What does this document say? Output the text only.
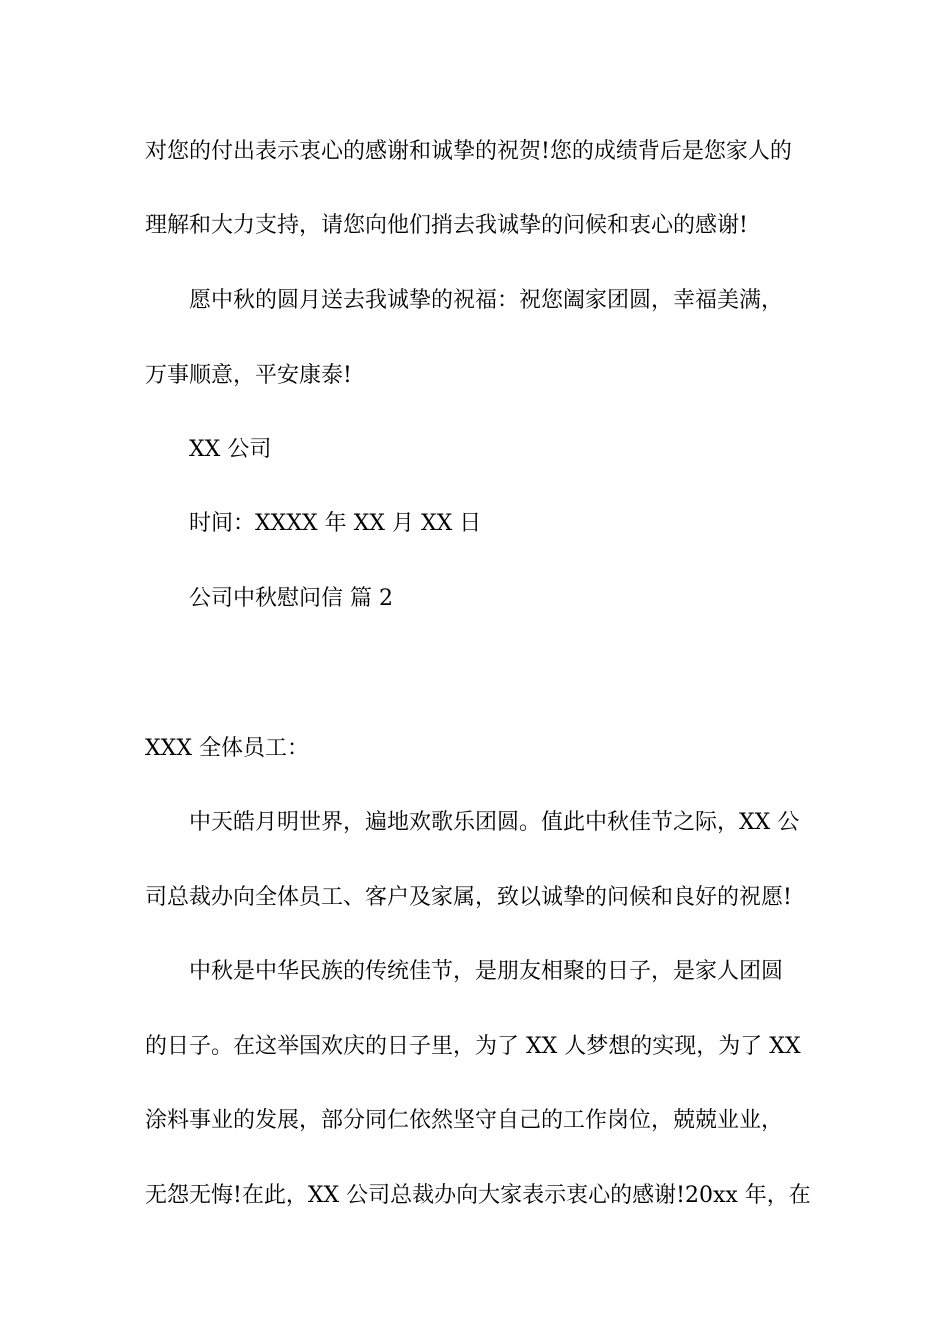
对您的付出表示衷心的感谢和诚挚的祝贺!您的成绩背后是您家人的
理解和大力支持，请您向他们捎去我诚挚的问候和衷心的感谢!
愿中秋的圆月送去我诚挚的祝福：祝您阖家团圆，幸福美满，
万事顺意，平安康泰!
XX 公司
时间：XXXX 年 XX 月 XX 日
公司中秋慰问信 篇 2
XXX 全体员工：
中天皓月明世界，遍地欢歌乐团圆。值此中秋佳节之际，XX 公
司总裁办向全体员工、客户及家属，致以诚挚的问候和良好的祝愿!
中秋是中华民族的传统佳节，是朋友相聚的日子，是家人团圆
的日子。在这举国欢庆的日子里，为了 XX 人梦想的实现，为了 XX
涂料事业的发展，部分同仁依然坚守自己的工作岗位，兢兢业业，
无怨无悔!在此，XX 公司总裁办向大家表示衷心的感谢!20xx 年，在
